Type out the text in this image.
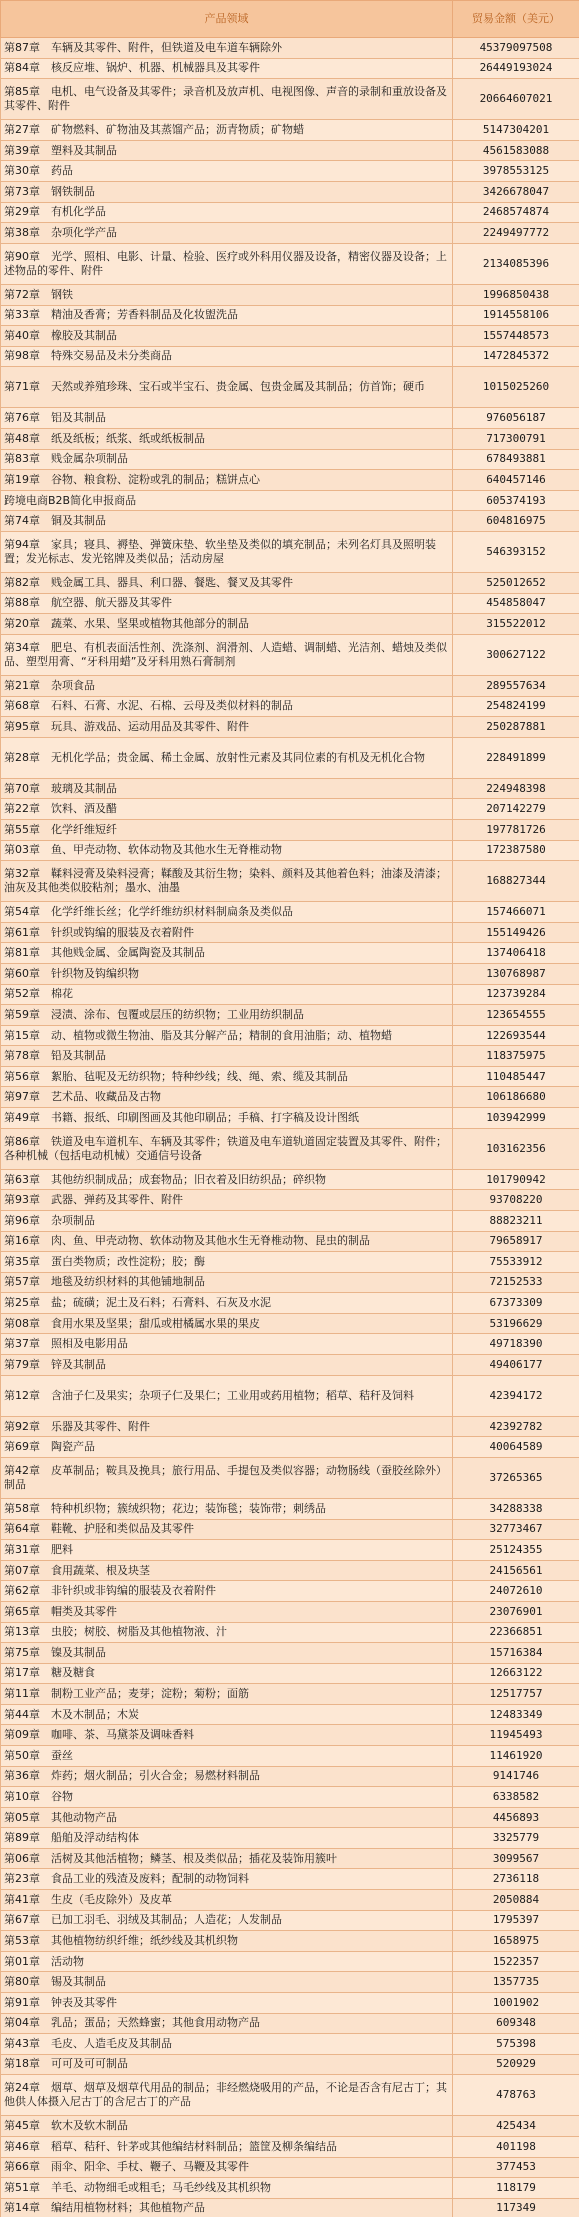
产品领域	贸易金额（美元）
第87章　车辆及其零件、附件，但铁道及电车道车辆除外	45379097508
第84章　核反应堆、锅炉、机器、机械器具及其零件	26449193024
第85章　电机、电气设备及其零件；录音机及放声机、电视图像、声音的录制和重放设备及其零件、附件	20664607021
第27章　矿物燃料、矿物油及其蒸馏产品；沥青物质；矿物蜡	5147304201
第39章　塑料及其制品	4561583088
第30章　药品	3978553125
第73章　钢铁制品	3426678047
第29章　有机化学品	2468574874
第38章　杂项化学产品	2249497772
第90章　光学、照相、电影、计量、检验、医疗或外科用仪器及设备，精密仪器及设备；上述物品的零件、附件	2134085396
第72章　钢铁	1996850438
第33章　精油及香膏；芳香料制品及化妆盥洗品	1914558106
第40章　橡胶及其制品	1557448573
第98章　特殊交易品及未分类商品	1472845372
第71章　天然或养殖珍珠、宝石或半宝石、贵金属、包贵金属及其制品；仿首饰；硬币	1015025260
第76章　铝及其制品	976056187
第48章　纸及纸板；纸浆、纸或纸板制品	717300791
第83章　贱金属杂项制品	678493881
第19章　谷物、粮食粉、淀粉或乳的制品；糕饼点心	640457146
跨境电商B2B简化申报商品	605374193
第74章　铜及其制品	604816975
第94章　家具；寝具、褥垫、弹簧床垫、软坐垫及类似的填充制品；未列名灯具及照明装置；发光标志、发光铭牌及类似品；活动房屋	546393152
第82章　贱金属工具、器具、利口器、餐匙、餐叉及其零件	525012652
第88章　航空器、航天器及其零件	454858047
第20章　蔬菜、水果、坚果或植物其他部分的制品	315522012
第34章　肥皂、有机表面活性剂、洗涤剂、润滑剂、人造蜡、调制蜡、光洁剂、蜡烛及类似品、塑型用膏、“牙科用蜡”及牙科用熟石膏制剂	300627122
第21章　杂项食品	289557634
第68章　石料、石膏、水泥、石棉、云母及类似材料的制品	254824199
第95章　玩具、游戏品、运动用品及其零件、附件	250287881
第28章　无机化学品；贵金属、稀土金属、放射性元素及其同位素的有机及无机化合物	228491899
第70章　玻璃及其制品	224948398
第22章　饮料、酒及醋	207142279
第55章　化学纤维短纤	197781726
第03章　鱼、甲壳动物、软体动物及其他水生无脊椎动物	172387580
第32章　鞣料浸膏及染料浸膏；鞣酸及其衍生物；染料、颜料及其他着色料；油漆及清漆；油灰及其他类似胶粘剂；墨水、油墨	168827344
第54章　化学纤维长丝；化学纤维纺织材料制扁条及类似品	157466071
第61章　针织或钩编的服装及衣着附件	155149426
第81章　其他贱金属、金属陶瓷及其制品	137406418
第60章　针织物及钩编织物	130768987
第52章　棉花	123739284
第59章　浸渍、涂布、包覆或层压的纺织物；工业用纺织制品	123654555
第15章　动、植物或微生物油、脂及其分解产品；精制的食用油脂；动、植物蜡	122693544
第78章　铅及其制品	118375975
第56章　絮胎、毡呢及无纺织物；特种纱线；线、绳、索、缆及其制品	110485447
第97章　艺术品、收藏品及古物	106186680
第49章　书籍、报纸、印刷图画及其他印刷品；手稿、打字稿及设计图纸	103942999
第86章　铁道及电车道机车、车辆及其零件；铁道及电车道轨道固定装置及其零件、附件；各种机械（包括电动机械）交通信号设备	103162356
第63章　其他纺织制成品；成套物品；旧衣着及旧纺织品；碎织物	101790942
第93章　武器、弹药及其零件、附件	93708220
第96章　杂项制品	88823211
第16章　肉、鱼、甲壳动物、软体动物及其他水生无脊椎动物、昆虫的制品	79658917
第35章　蛋白类物质；改性淀粉；胶；酶	75533912
第57章　地毯及纺织材料的其他铺地制品	72152533
第25章　盐；硫磺；泥土及石料；石膏料、石灰及水泥	67373309
第08章　食用水果及坚果；甜瓜或柑橘属水果的果皮	53196629
第37章　照相及电影用品	49718390
第79章　锌及其制品	49406177
第12章　含油子仁及果实；杂项子仁及果仁；工业用或药用植物；稻草、秸秆及饲料	42394172
第92章　乐器及其零件、附件	42392782
第69章　陶瓷产品	40064589
第42章　皮革制品；鞍具及挽具；旅行用品、手提包及类似容器；动物肠线（蚕胶丝除外）制品	37265365
第58章　特种机织物；簇绒织物；花边；装饰毯；装饰带；刺绣品	34288338
第64章　鞋靴、护胫和类似品及其零件	32773467
第31章　肥料	25124355
第07章　食用蔬菜、根及块茎	24156561
第62章　非针织或非钩编的服装及衣着附件	24072610
第65章　帽类及其零件	23076901
第13章　虫胶；树胶、树脂及其他植物液、汁	22366851
第75章　镍及其制品	15716384
第17章　糖及糖食	12663122
第11章　制粉工业产品；麦芽；淀粉；菊粉；面筋	12517757
第44章　木及木制品；木炭	12483349
第09章　咖啡、茶、马黛茶及调味香料	11945493
第50章　蚕丝	11461920
第36章　炸药；烟火制品；引火合金；易燃材料制品	9141746
第10章　谷物	6338582
第05章　其他动物产品	4456893
第89章　船舶及浮动结构体	3325779
第06章　活树及其他活植物；鳞茎、根及类似品；插花及装饰用簇叶	3099567
第23章　食品工业的残渣及废料；配制的动物饲料	2736118
第41章　生皮（毛皮除外）及皮革	2050884
第67章　已加工羽毛、羽绒及其制品；人造花；人发制品	1795397
第53章　其他植物纺织纤维；纸纱线及其机织物	1658975
第01章　活动物	1522357
第80章　锡及其制品	1357735
第91章　钟表及其零件	1001902
第04章　乳品；蛋品；天然蜂蜜；其他食用动物产品	609348
第43章　毛皮、人造毛皮及其制品	575398
第18章　可可及可可制品	520929
第24章　烟草、烟草及烟草代用品的制品；非经燃烧吸用的产品，不论是否含有尼古丁；其他供人体摄入尼古丁的含尼古丁的产品	478763
第45章　软木及软木制品	425434
第46章　稻草、秸秆、针茅或其他编结材料制品；篮筐及柳条编结品	401198
第66章　雨伞、阳伞、手杖、鞭子、马鞭及其零件	377453
第51章　羊毛、动物细毛或粗毛；马毛纱线及其机织物	118179
第14章　编结用植物材料；其他植物产品	117349
